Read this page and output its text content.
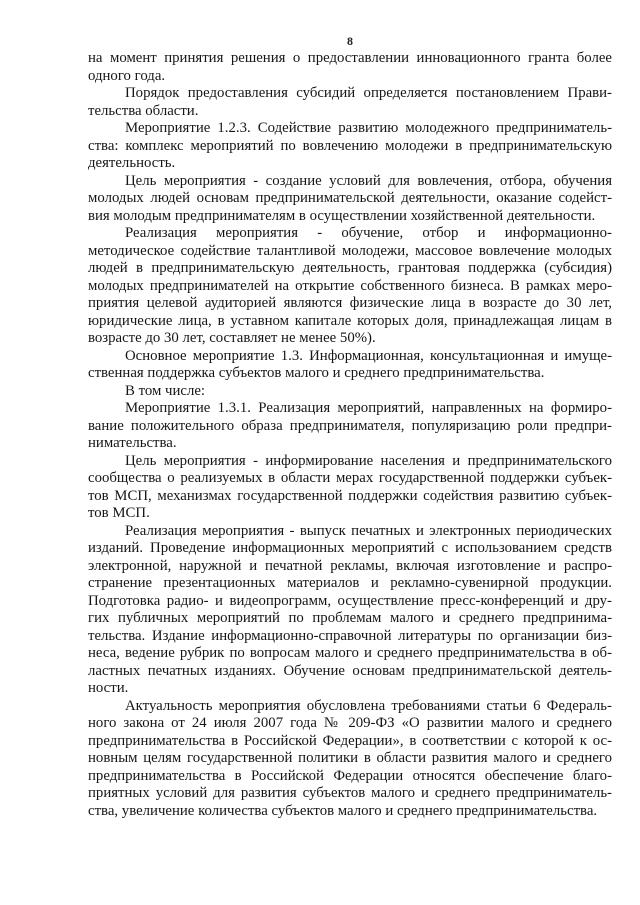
8
на момент принятия решения о предоставлении инновационного гранта более
одного года.
Порядок предоставления субсидий определяется постановлением Прави-
тельства области.
Мероприятие 1.2.3. Содействие развитию молодежного предприниматель-
ства: комплекс мероприятий по вовлечению молодежи в предпринимательскую
деятельность.
Цель мероприятия - создание условий для вовлечения, отбора, обучения
молодых людей основам предпринимательской деятельности, оказание содейст-
вия молодым предпринимателям в осуществлении хозяйственной деятельности.
Реализация мероприятия - обучение, отбор и информационно-
методическое содействие талантливой молодежи, массовое вовлечение молодых
людей в предпринимательскую деятельность, грантовая поддержка (субсидия)
молодых предпринимателей на открытие собственного бизнеса. В рамках меро-
приятия целевой аудиторией являются физические лица в возрасте до 30 лет,
юридические лица, в уставном капитале которых доля, принадлежащая лицам в
возрасте до 30 лет, составляет не менее 50%).
Основное мероприятие 1.3. Информационная, консультационная и имуще-
ственная поддержка субъектов малого и среднего предпринимательства.
В том числе:
Мероприятие 1.3.1. Реализация мероприятий, направленных на формиро-
вание положительного образа предпринимателя, популяризацию роли предпри-
нимательства.
Цель мероприятия - информирование населения и предпринимательского
сообщества о реализуемых в области мерах государственной поддержки субъек-
тов МСП, механизмах государственной поддержки содействия развитию субъек-
тов МСП.
Реализация мероприятия - выпуск печатных и электронных периодических
изданий. Проведение информационных мероприятий с использованием средств
электронной, наружной и печатной рекламы, включая изготовление и распро-
странение презентационных материалов и рекламно-сувенирной продукции.
Подготовка радио- и видеопрограмм, осуществление пресс-конференций и дру-
гих публичных мероприятий по проблемам малого и среднего предпринима-
тельства. Издание информационно-справочной литературы по организации биз-
неса, ведение рубрик по вопросам малого и среднего предпринимательства в об-
ластных печатных изданиях. Обучение основам предпринимательской деятель-
ности.
Актуальность мероприятия обусловлена требованиями статьи 6 Федераль-
ного закона от 24 июля 2007 года № 209-ФЗ «О развитии малого и среднего
предпринимательства в Российской Федерации», в соответствии с которой к ос-
новным целям государственной политики в области развития малого и среднего
предпринимательства в Российской Федерации относятся обеспечение благо-
приятных условий для развития субъектов малого и среднего предприниматель-
ства, увеличение количества субъектов малого и среднего предпринимательства.
